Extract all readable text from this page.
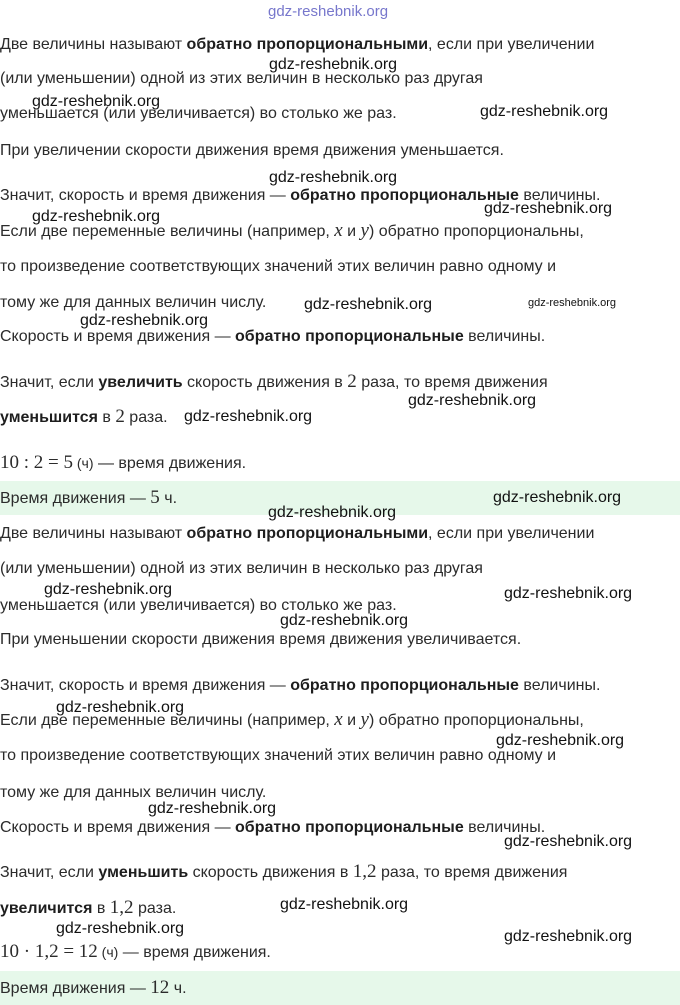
Две величины называют обратно пропорциональными, если при увеличении
(или уменьшении) одной из этих величин в несколько раз другая
уменьшается (или увеличивается) во столько же раз.
При увеличении скорости движения время движения уменьшается.
Значит, скорость и время движения — обратно пропорциональные величины.
Если две переменные величины (например, x и y) обратно пропорциональны,
то произведение соответствующих значений этих величин равно одному и
тому же для данных величин числу.
Скорость и время движения — обратно пропорциональные величины.
Значит, если увеличить скорость движения в 2 раза, то время движения
уменьшится в 2 раза.
10 : 2 = 5 (ч) — время движения.
Время движения — 5 ч.
Две величины называют обратно пропорциональными, если при увеличении
(или уменьшении) одной из этих величин в несколько раз другая
уменьшается (или увеличивается) во столько же раз.
При уменьшении скорости движения время движения увеличивается.
Значит, скорость и время движения — обратно пропорциональные величины.
Если две переменные величины (например, x и y) обратно пропорциональны,
то произведение соответствующих значений этих величин равно одному и
тому же для данных величин числу.
Скорость и время движения — обратно пропорциональные величины.
Значит, если уменьшить скорость движения в 1,2 раза, то время движения
увеличится в 1,2 раза.
10 · 1,2 = 12 (ч) — время движения.
Время движения — 12 ч.
gdz-reshebnik.org
gdz-reshebnik.org
gdz-reshebnik.org
gdz-reshebnik.org
gdz-reshebnik.org
gdz-reshebnik.org
gdz-reshebnik.org
gdz-reshebnik.org	gdz-reshebnik.org
gdz-reshebnik.org
gdz-reshebnik.org
gdz-reshebnik.org
gdz-reshebnik.org
gdz-reshebnik.org
gdz-reshebnik.org	gdz-reshebnik.org
gdz-reshebnik.org
gdz-reshebnik.org
gdz-reshebnik.org
gdz-reshebnik.org
gdz-reshebnik.org
gdz-reshebnik.org
gdz-reshebnik.org	gdz-reshebnik.org
